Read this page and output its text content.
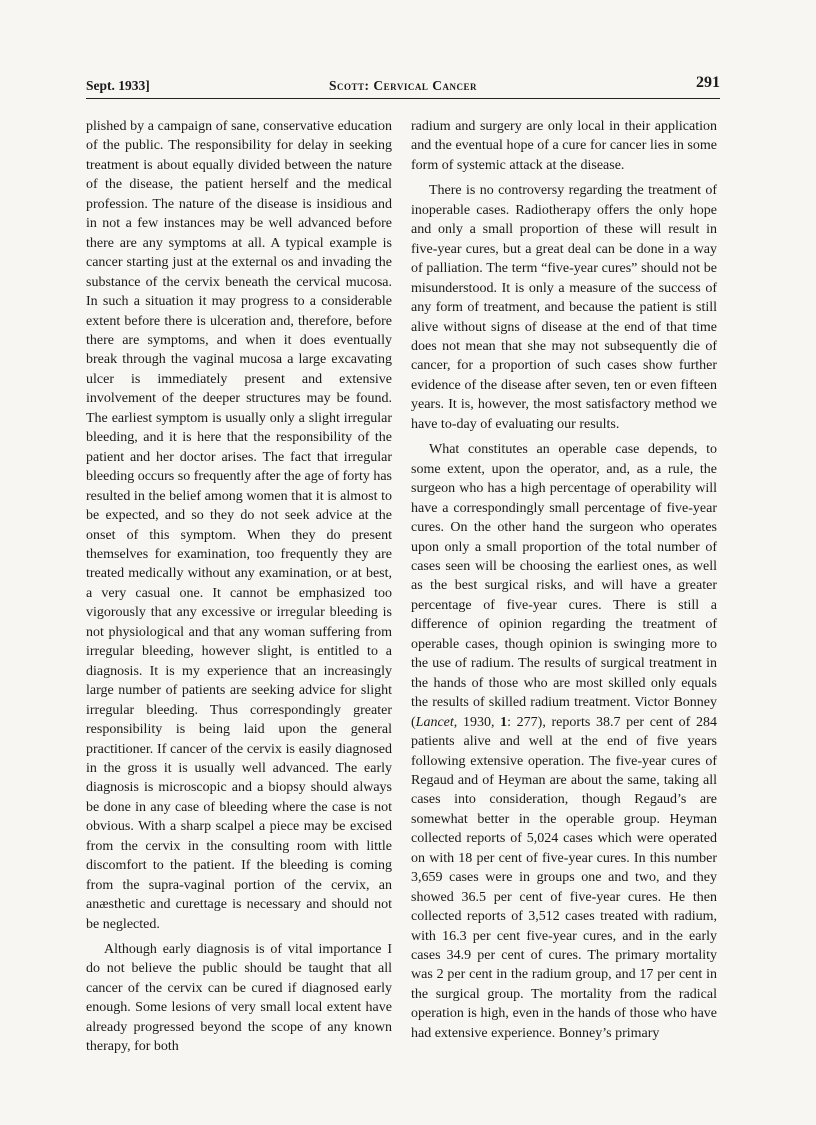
Sept. 1933]	Scott: Cervical Cancer	291

plished by a campaign of sane, conservative education of the public. The responsibility for delay in seeking treatment is about equally divided between the nature of the disease, the patient herself and the medical profession. The nature of the disease is insidious and in not a few instances may be well advanced before there are any symptoms at all. A typical example is cancer starting just at the external os and invading the substance of the cervix beneath the cervical mucosa. In such a situation it may progress to a considerable extent before there is ulceration and, therefore, before there are symptoms, and when it does eventually break through the vaginal mucosa a large excavating ulcer is immediately present and extensive involvement of the deeper structures may be found. The earliest symptom is usually only a slight irregular bleeding, and it is here that the responsibility of the patient and her doctor arises. The fact that irregular bleeding occurs so frequently after the age of forty has resulted in the belief among women that it is almost to be expected, and so they do not seek advice at the onset of this symptom. When they do present themselves for examination, too frequently they are treated medically without any examination, or at best, a very casual one. It cannot be emphasized too vigorously that any excessive or irregular bleeding is not physiological and that any woman suffering from irregular bleeding, however slight, is entitled to a diagnosis. It is my experience that an increasingly large number of patients are seeking advice for slight irregular bleeding. Thus correspondingly greater responsibility is being laid upon the general practitioner. If cancer of the cervix is easily diagnosed in the gross it is usually well advanced. The early diagnosis is microscopic and a biopsy should always be done in any case of bleeding where the case is not obvious. With a sharp scalpel a piece may be excised from the cervix in the consulting room with little discomfort to the patient. If the bleeding is coming from the supra-vaginal portion of the cervix, an anæsthetic and curettage is necessary and should not be neglected.

Although early diagnosis is of vital importance I do not believe the public should be taught that all cancer of the cervix can be cured if diagnosed early enough. Some lesions of very small local extent have already progressed beyond the scope of any known therapy, for both

radium and surgery are only local in their application and the eventual hope of a cure for cancer lies in some form of systemic attack at the disease.

There is no controversy regarding the treatment of inoperable cases. Radiotherapy offers the only hope and only a small proportion of these will result in five-year cures, but a great deal can be done in a way of palliation. The term “five-year cures” should not be misunderstood. It is only a measure of the success of any form of treatment, and because the patient is still alive without signs of disease at the end of that time does not mean that she may not subsequently die of cancer, for a proportion of such cases show further evidence of the disease after seven, ten or even fifteen years. It is, however, the most satisfactory method we have to-day of evaluating our results.

What constitutes an operable case depends, to some extent, upon the operator, and, as a rule, the surgeon who has a high percentage of operability will have a correspondingly small percentage of five-year cures. On the other hand the surgeon who operates upon only a small proportion of the total number of cases seen will be choosing the earliest ones, as well as the best surgical risks, and will have a greater percentage of five-year cures. There is still a difference of opinion regarding the treatment of operable cases, though opinion is swinging more to the use of radium. The results of surgical treatment in the hands of those who are most skilled only equals the results of skilled radium treatment. Victor Bonney (Lancet, 1930, 1: 277), reports 38.7 per cent of 284 patients alive and well at the end of five years following extensive operation. The five-year cures of Regaud and of Heyman are about the same, taking all cases into consideration, though Regaud’s are somewhat better in the operable group. Heyman collected reports of 5,024 cases which were operated on with 18 per cent of five-year cures. In this number 3,659 cases were in groups one and two, and they showed 36.5 per cent of five-year cures. He then collected reports of 3,512 cases treated with radium, with 16.3 per cent five-year cures, and in the early cases 34.9 per cent of cures. The primary mortality was 2 per cent in the radium group, and 17 per cent in the surgical group. The mortality from the radical operation is high, even in the hands of those who have had extensive experience. Bonney’s primary
